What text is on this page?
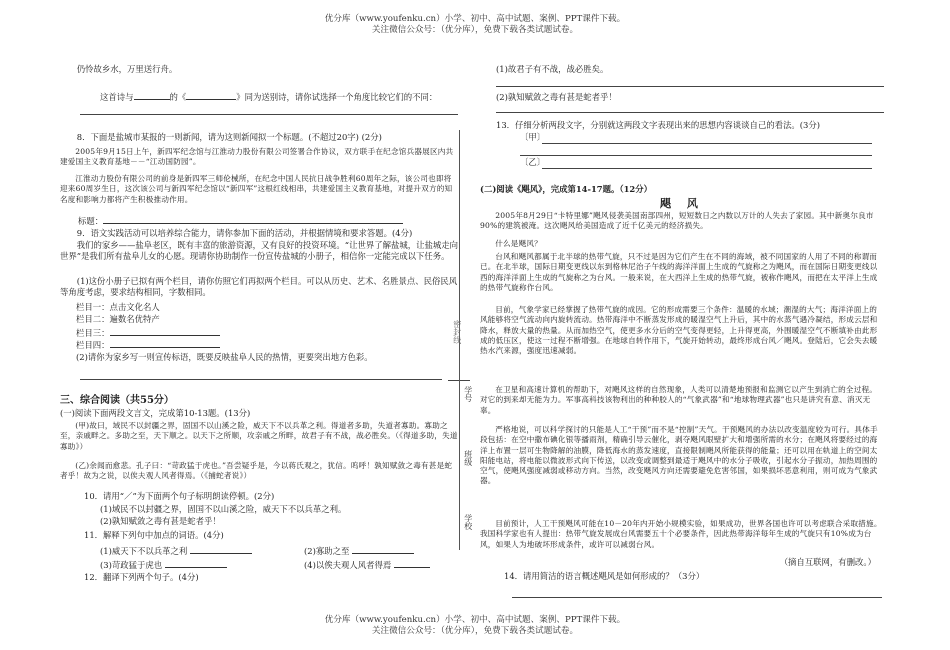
优分库（www.youfenku.cn）小学、初中、高中试题、案例、PPT课件下载。
关注微信公众号：（优分库），免费下载各类试题试卷。
仍怜故乡水，万里送行舟。
这首诗与	的《	》同为送别诗，请你试选择一个角度比较它们的不同：
8．下面是盐城市某报的一则新闻，请为这则新闻拟一个标题。(不超过20字) (2分)
2005年9月15日上午，新四军纪念馆与江淮动力股份有限公司签署合作协议，双方联手在纪念馆兵器展区内共建爱国主义教育基地－－“江动国防园”。
江淮动力股份有限公司的前身是新四军三师伦械所，在纪念中国人民抗日战争胜利60周年之际，该公司也即将迎来60周岁生日，这次该公司与新四军纪念馆以“新四军”这根红线相串，共建爱国主义教育基地，对提升双方的知名度和影响力都将产生积极推动作用。
标题：
9．语文实践活动可以培养综合能力，请你参加下面的活动，并根据情境和要求答题。(4分)
我们的家乡——盐阜老区，既有丰富的旅游资源，又有良好的投资环境。“让世界了解盐城，让盐城走向世界”是我们所有盐阜儿女的心愿。现请你协助制作一份宣传盐城的小册子，相信你一定能完成以下任务。
(1)这份小册子已拟有两个栏目，请你仿照它们再拟两个栏目。可以从历史、艺术、名胜景点、民俗民风等角度考虑，要求结构相同，字数相同。
栏目一：点击文化名人
栏目二：遍数名优特产
栏目三：
栏目四：
(2)请你为家乡写一则宣传标语，既要反映盐阜人民的热情，更要突出地方色彩。
三、综合阅读（共55分）
(一)阅读下面两段文言文，完成第10-13题。(13分)
(甲)故曰，域民不以封疆之界，固国不以山溪之险，威天下不以兵革之利。得道者多助，失道者寡助。寡助之至，亲戚畔之。多助之至，天下顺之。以天下之所顺，攻亲戚之所畔，故君子有不战，战必胜矣。（《得道多助，失道寡助》）
(乙)余闻而愈悲。孔子曰：“苛政猛于虎也。”吾尝疑乎是，今以蒋氏观之，犹信。呜呼！孰知赋敛之毒有甚是蛇者乎！故为之说，以俟夫观人风者得焉。（《捕蛇者说》）
10．请用“／”为下面两个句子标明朗读停顿。(2分)
(1)域民不以封疆之界，固国不以山溪之险，威天下不以兵革之利。
(2)孰知赋敛之毒有甚是蛇者乎！
11．解释下列句中加点的词语。(4分)
(1)威天下不以兵革之利	(2)寡助之至
(3)苛政猛于虎也	(4)以俟夫观人风者得焉
12．翻译下列两个句子。(4分)
学号
班级
学校
密封线
(1)故君子有不战，战必胜矣。
(2)孰知赋敛之毒有甚是蛇者乎！
13．仔细分析两段文字，分别就这两段文字表现出来的思想内容谈谈自己的看法。(3分)
〔甲〕
〔乙〕
(二)阅读《飓风》，完成第14-17题。（12分）
飓 风
2005年8月29日“卡特里娜”飓风侵袭美国南部四州，短短数日之内数以万计的人失去了家园。其中新奥尔良市90%的建筑被淹。这次飓风给美国造成了近千亿美元的经济损失。
什么是飓风？
台风和飓风都属于北半球的热带气旋，只不过是因为它们产生在不同的海域，被不同国家的人用了不同的称谓而已。在北半球，国际日期变更线以东到格林尼治子午线的海洋洋面上生成的气旋称之为飓风，而在国际日期变更线以西的海洋洋面上生成的气旋称之为台风。一般来说，在大西洋上生成的热带气旋，被称作飓风，而把在太平洋上生成的热带气旋称作台风。
目前，气象学家已经掌握了热带气旋的成因。它的形成需要三个条件：温暖的水域；潮湿的大气；海洋洋面上的风能够将空气流动向内旋转流动。热带海洋中不断蒸发形成的暖湿空气上升后，其中的水蒸气遇冷凝结，形成云层和降水，释放大量的热量。从而加热空气，使更多水分后的空气变得更轻，上升得更高，外围暖湿空气不断填补由此形成的低压区，使这一过程不断增强。在地球自转作用下，气旋开始转动，最终形成台风／飓风。登陆后，它会失去暖热水汽来源，强度迅速减弱。
在卫星和高速计算机的帮助下，对飓风这样的自然现象，人类可以清楚地预报和监测它以产生到消亡的全过程。对它的到来却无能为力。军事高科技该物利出的种种胶人的“气象武器”和“地球物理武器”也只是讲究有意、消灭无辜。
严格地说，可以科学探讨的只能是人工“干预”而不是“控制”天气。干预飓风的办法以改变温度较为可行。具体手段包括：在空中撒布碘化银等播雨剂，精确引导云催化，剥夺飓风眼壁扩大和增强所需的水分；在飓风将要经过的海洋上布置一层可生物降解的油膜，降低海水的蒸发速度，直接限制飓风所能获得的能量；还可以用在轨道上的空间太阳能电站，将电能以微波形式向下传送，以改变或调整到最适于飓风中的水分子吸收，引起水分子振动，加热周围的空气，使飓风强度减弱或移动方向。当然，改变飓风方向还需要避免危害邻国，如果损坏恶意利用，则可成为气象武器。
目前预计，人工干预飓风可能在10－20年内开始小规模实验，如果成功，世界各国也许可以考虑联合采取措施。我国科学家也有人提出：热带气旋发展成台风需要五十个必要条件，因此热带海洋每年生成的气旋只有10%成为台风，如果人为地破坏形成条件，或许可以减弱台风。
（摘自互联网，有删改。）
14．请用简洁的语言概述飓风是如何形成的？（3分）
优分库（www.youfenku.cn）小学、初中、高中试题、案例、PPT课件下载。
关注微信公众号：（优分库），免费下载各类试题试卷。
